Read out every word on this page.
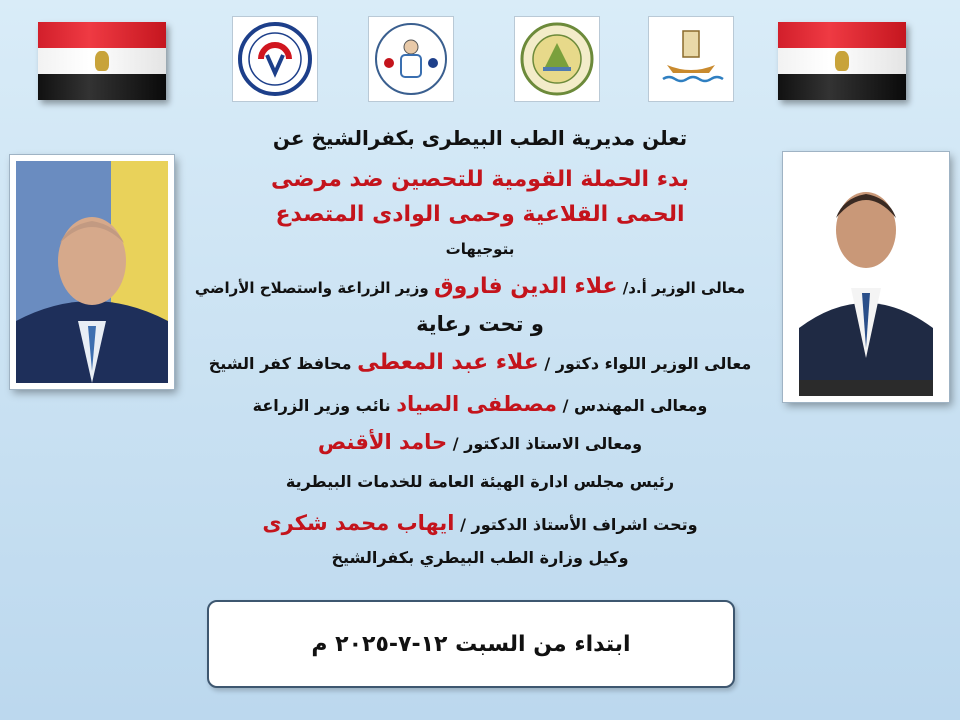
تعلن مديرية الطب البيطرى بكفرالشيخ عن
بدء الحملة القومية للتحصين ضد مرضى
الحمى القلاعية وحمى الوادى المتصدع
بتوجيهات
معالى الوزير أ.د/ علاء الدين فاروق وزير الزراعة واستصلاح الأراضي
و تحت رعاية
معالى الوزير اللواء دكتور / علاء عبد المعطى محافظ كفر الشيخ
ومعالى المهندس / مصطفى الصياد نائب وزير الزراعة
ومعالى الاستاذ الدكتور / حامد الأقنص
رئيس مجلس ادارة الهيئة العامة للخدمات البيطرية
وتحت اشراف الأستاذ الدكتور / ايهاب محمد شكرى
وكيل وزارة الطب البيطري بكفرالشيخ
ابتداء من السبت ١٢-٧-٢٠٢٥ م
